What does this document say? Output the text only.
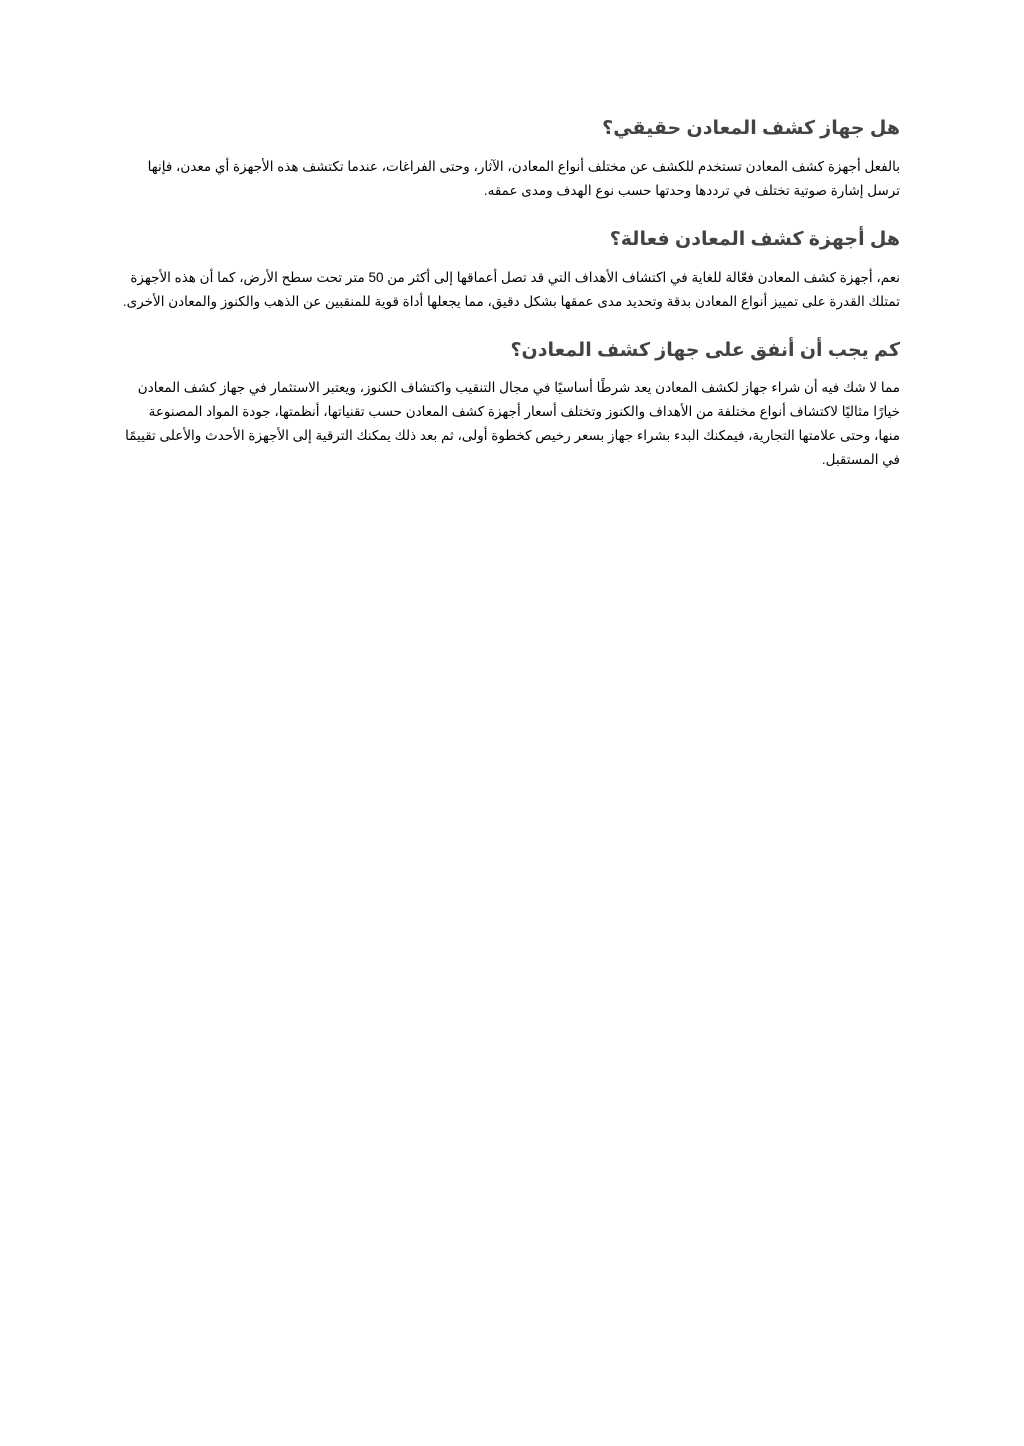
هل جهاز كشف المعادن حقيقي؟

بالفعل أجهزة كشف المعادن تستخدم للكشف عن مختلف أنواع المعادن، الآثار، وحتى الفراغات، عندما تكتشف هذه الأجهزة أي معدن، فإنها ترسل إشارة صوتية تختلف في ترددها وحدتها حسب نوع الهدف ومدى عمقه.

هل أجهزة كشف المعادن فعالة؟

نعم، أجهزة كشف المعادن فعّالة للغاية في اكتشاف الأهداف التي قد تصل أعماقها إلى أكثر من 50 متر تحت سطح الأرض، كما أن هذه الأجهزة تمتلك القدرة على تمييز أنواع المعادن بدقة وتحديد مدى عمقها بشكل دقيق، مما يجعلها أداة قوية للمنقبين عن الذهب والكنوز والمعادن الأخرى.

كم يجب أن أنفق على جهاز كشف المعادن؟

مما لا شك فيه أن شراء جهاز لكشف المعادن يعد شرطًا أساسيًا في مجال التنقيب واكتشاف الكنوز، ويعتبر الاستثمار في جهاز كشف المعادن خيارًا مثاليًا لاكتشاف أنواع مختلفة من الأهداف والكنوز وتختلف أسعار أجهزة كشف المعادن حسب تقنياتها، أنظمتها، جودة المواد المصنوعة منها، وحتى علامتها التجارية، فيمكنك البدء بشراء جهاز بسعر رخيص كخطوة أولى، ثم بعد ذلك يمكنك الترقية إلى الأجهزة الأحدث والأعلى تقييمًا في المستقبل.
